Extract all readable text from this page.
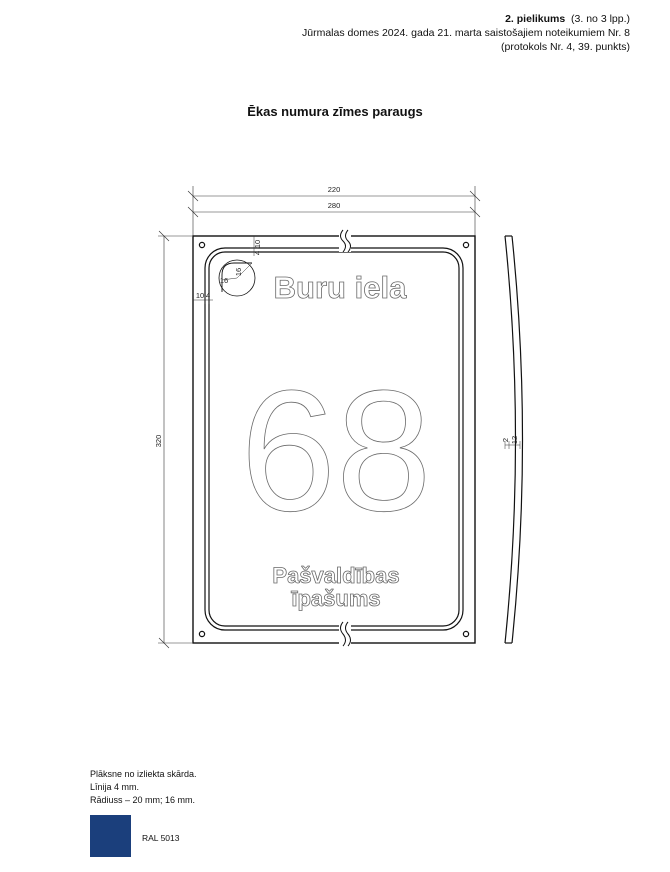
2. pielikums (3. no 3 lpp.)
Jūrmalas domes 2024. gada 21. marta saistošajiem noteikumiem Nr. 8
(protokols Nr. 4, 39. punkts)
Ēkas numura zīmes paraugs
220
280
320
10
4
10 4
16
16 Buru iela
68
Pašvaldības
īpašums
2 12
Plāksne no izliekta skārda.
Līnija 4 mm.
Rādiuss – 20 mm; 16 mm.
RAL 5013
